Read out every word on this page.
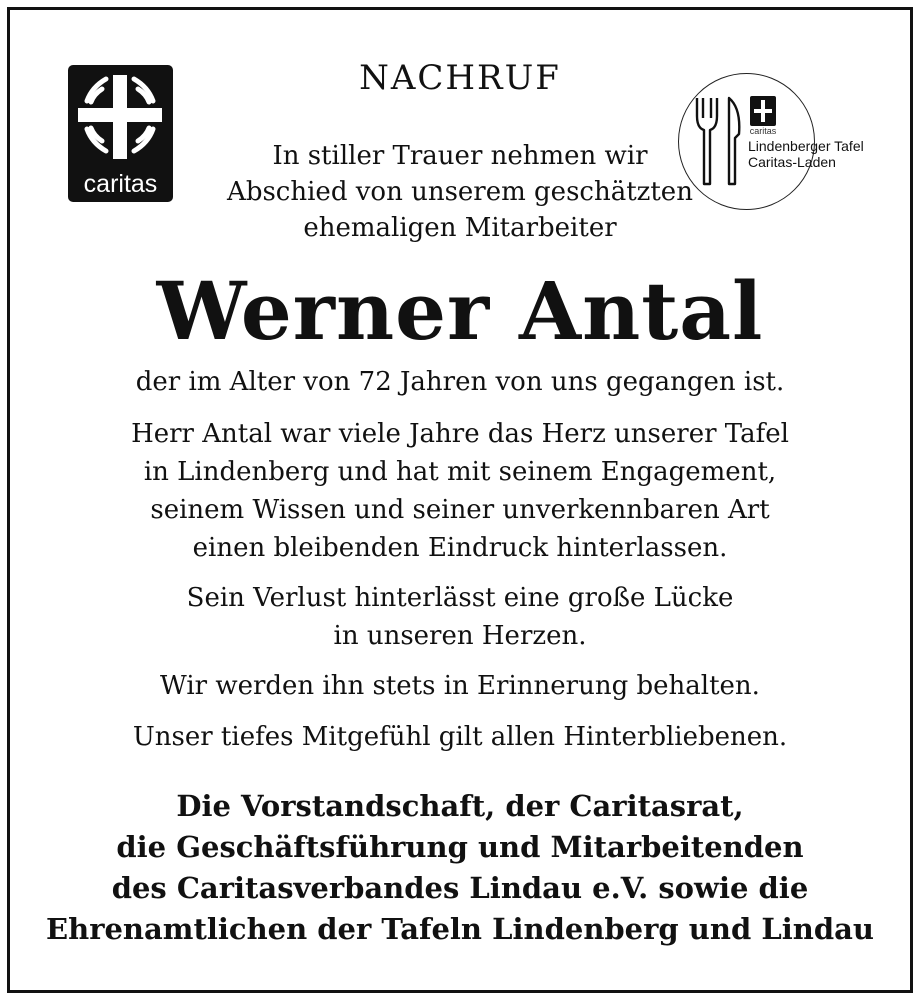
caritas
caritas
Lindenberger Tafel
Caritas-Laden
NACHRUF
In stiller Trauer nehmen wir
Abschied von unserem geschätzten
ehemaligen Mitarbeiter
Werner Antal
der im Alter von 72 Jahren von uns gegangen ist.
Herr Antal war viele Jahre das Herz unserer Tafel
in Lindenberg und hat mit seinem Engagement,
seinem Wissen und seiner unverkennbaren Art
einen bleibenden Eindruck hinterlassen.
Sein Verlust hinterlässt eine große Lücke
in unseren Herzen.
Wir werden ihn stets in Erinnerung behalten.
Unser tiefes Mitgefühl gilt allen Hinterbliebenen.
Die Vorstandschaft, der Caritasrat,
die Geschäftsführung und Mitarbeitenden
des Caritasverbandes Lindau e.V. sowie die
Ehrenamtlichen der Tafeln Lindenberg und Lindau
